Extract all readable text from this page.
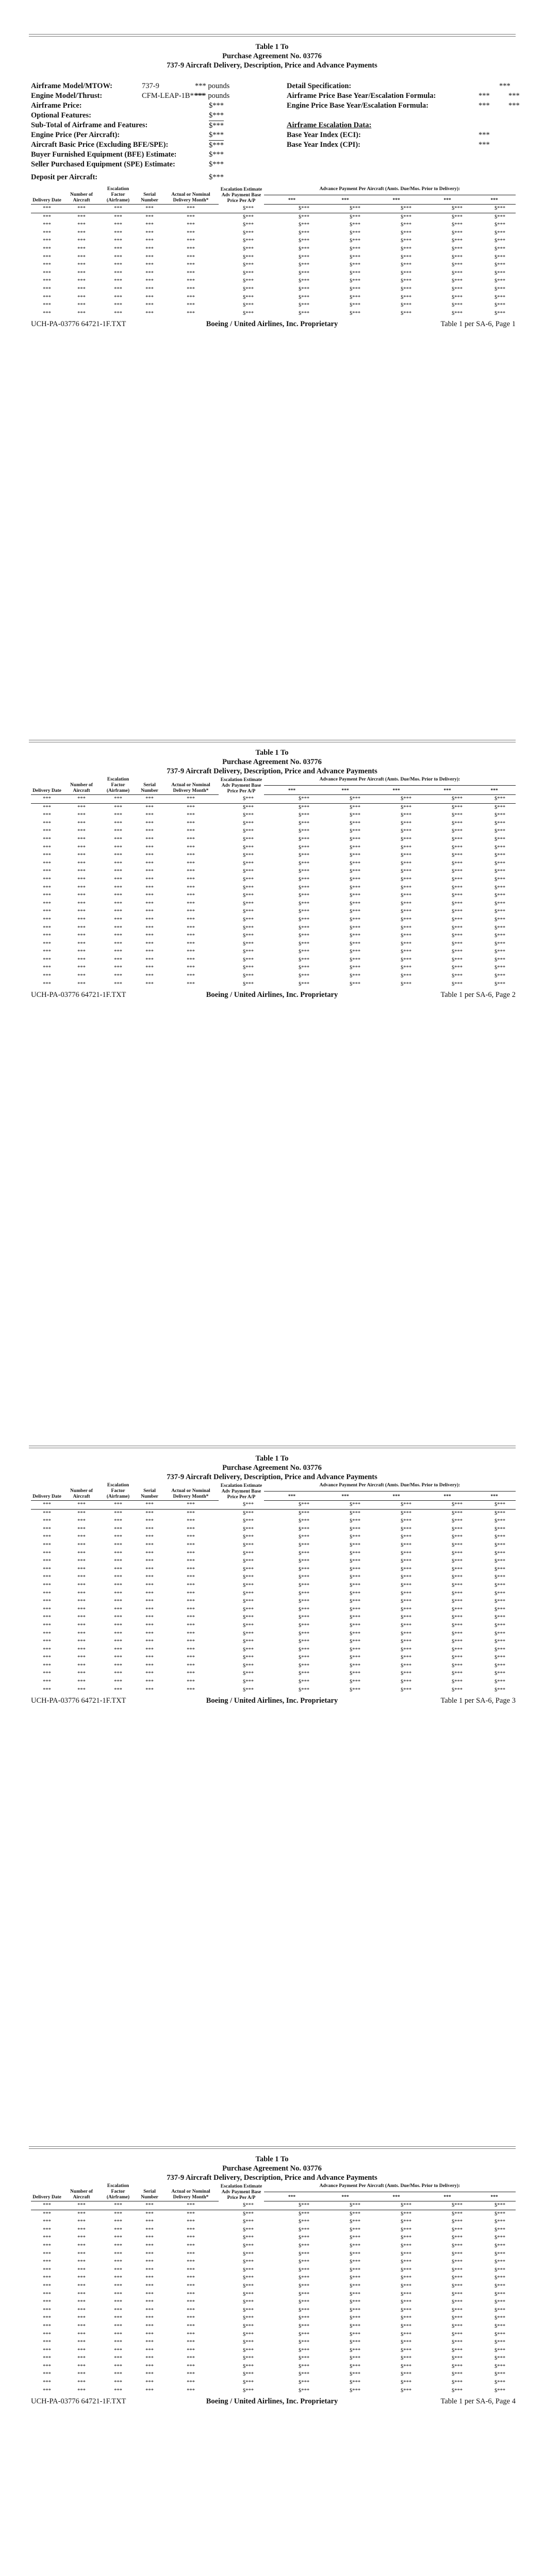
Table 1 To
Purchase Agreement No. 03776
737-9 Aircraft Delivery, Description, Price and Advance Payments
Airframe Model/MTOW:	737-9	*** pounds
Engine Model/Thrust:	CFM-LEAP-1B****
*** pounds
Airframe Price:	$***
Optional Features:	$***
Sub-Total of Airframe and Features:	$***
Engine Price (Per Aircraft):	$***
Aircraft Basic Price (Excluding BFE/SPE):	$***
Buyer Furnished Equipment (BFE) Estimate:	$***
Seller Purchased Equipment (SPE) Estimate:	$***
Deposit per Aircraft:	$***
Detail Specification:	***
Airframe Price Base Year/Escalation Formula:	***	***
Engine Price Base Year/Escalation Formula:	***	***
Airframe Escalation Data:
Base Year Index (ECI):	***
Base Year Index (CPI):	***
Delivery Date	Number of Aircraft	Escalation Factor (Airframe)	Serial Number	Actual or Nominal Delivery Month*	Escalation Estimate Adv Payment Base Price Per A/P	Advance Payment Per Aircraft (Amts. Due/Mos. Prior to Delivery):				
						***	***	***	***	***
***	***	***	***	***	$***	$***	$***	$***	$***	$***
***	***	***	***	***	$***	$***	$***	$***	$***	$***
***	***	***	***	***	$***	$***	$***	$***	$***	$***
***	***	***	***	***	$***	$***	$***	$***	$***	$***
***	***	***	***	***	$***	$***	$***	$***	$***	$***
***	***	***	***	***	$***	$***	$***	$***	$***	$***
***	***	***	***	***	$***	$***	$***	$***	$***	$***
***	***	***	***	***	$***	$***	$***	$***	$***	$***
***	***	***	***	***	$***	$***	$***	$***	$***	$***
***	***	***	***	***	$***	$***	$***	$***	$***	$***
***	***	***	***	***	$***	$***	$***	$***	$***	$***
***	***	***	***	***	$***	$***	$***	$***	$***	$***
***	***	***	***	***	$***	$***	$***	$***	$***	$***
***	***	***	***	***	$***	$***	$***	$***	$***	$***
UCH-PA-03776 64721-1F.TXT	Boeing / United Airlines, Inc. Proprietary	Table 1 per SA-6, Page 1
Table 1 To
Purchase Agreement No. 03776
737-9 Aircraft Delivery, Description, Price and Advance Payments
Delivery Date	Number of Aircraft	Escalation Factor (Airframe)	Serial Number	Actual or Nominal Delivery Month*	Escalation Estimate Adv Payment Base Price Per A/P	Advance Payment Per Aircraft (Amts. Due/Mos. Prior to Delivery):				
						***	***	***	***	***
***	***	***	***	***	$***	$***	$***	$***	$***	$***
***	***	***	***	***	$***	$***	$***	$***	$***	$***
***	***	***	***	***	$***	$***	$***	$***	$***	$***
***	***	***	***	***	$***	$***	$***	$***	$***	$***
***	***	***	***	***	$***	$***	$***	$***	$***	$***
***	***	***	***	***	$***	$***	$***	$***	$***	$***
***	***	***	***	***	$***	$***	$***	$***	$***	$***
***	***	***	***	***	$***	$***	$***	$***	$***	$***
***	***	***	***	***	$***	$***	$***	$***	$***	$***
***	***	***	***	***	$***	$***	$***	$***	$***	$***
***	***	***	***	***	$***	$***	$***	$***	$***	$***
***	***	***	***	***	$***	$***	$***	$***	$***	$***
***	***	***	***	***	$***	$***	$***	$***	$***	$***
***	***	***	***	***	$***	$***	$***	$***	$***	$***
***	***	***	***	***	$***	$***	$***	$***	$***	$***
***	***	***	***	***	$***	$***	$***	$***	$***	$***
***	***	***	***	***	$***	$***	$***	$***	$***	$***
***	***	***	***	***	$***	$***	$***	$***	$***	$***
***	***	***	***	***	$***	$***	$***	$***	$***	$***
***	***	***	***	***	$***	$***	$***	$***	$***	$***
***	***	***	***	***	$***	$***	$***	$***	$***	$***
***	***	***	***	***	$***	$***	$***	$***	$***	$***
***	***	***	***	***	$***	$***	$***	$***	$***	$***
***	***	***	***	***	$***	$***	$***	$***	$***	$***
UCH-PA-03776 64721-1F.TXT	Boeing / United Airlines, Inc. Proprietary	Table 1 per SA-6, Page 2
Table 1 To
Purchase Agreement No. 03776
737-9 Aircraft Delivery, Description, Price and Advance Payments
Delivery Date	Number of Aircraft	Escalation Factor (Airframe)	Serial Number	Actual or Nominal Delivery Month*	Escalation Estimate Adv Payment Base Price Per A/P	Advance Payment Per Aircraft (Amts. Due/Mos. Prior to Delivery):				
						***	***	***	***	***
***	***	***	***	***	$***	$***	$***	$***	$***	$***
***	***	***	***	***	$***	$***	$***	$***	$***	$***
***	***	***	***	***	$***	$***	$***	$***	$***	$***
***	***	***	***	***	$***	$***	$***	$***	$***	$***
***	***	***	***	***	$***	$***	$***	$***	$***	$***
***	***	***	***	***	$***	$***	$***	$***	$***	$***
***	***	***	***	***	$***	$***	$***	$***	$***	$***
***	***	***	***	***	$***	$***	$***	$***	$***	$***
***	***	***	***	***	$***	$***	$***	$***	$***	$***
***	***	***	***	***	$***	$***	$***	$***	$***	$***
***	***	***	***	***	$***	$***	$***	$***	$***	$***
***	***	***	***	***	$***	$***	$***	$***	$***	$***
***	***	***	***	***	$***	$***	$***	$***	$***	$***
***	***	***	***	***	$***	$***	$***	$***	$***	$***
***	***	***	***	***	$***	$***	$***	$***	$***	$***
***	***	***	***	***	$***	$***	$***	$***	$***	$***
***	***	***	***	***	$***	$***	$***	$***	$***	$***
***	***	***	***	***	$***	$***	$***	$***	$***	$***
***	***	***	***	***	$***	$***	$***	$***	$***	$***
***	***	***	***	***	$***	$***	$***	$***	$***	$***
***	***	***	***	***	$***	$***	$***	$***	$***	$***
***	***	***	***	***	$***	$***	$***	$***	$***	$***
***	***	***	***	***	$***	$***	$***	$***	$***	$***
***	***	***	***	***	$***	$***	$***	$***	$***	$***
UCH-PA-03776 64721-1F.TXT	Boeing / United Airlines, Inc. Proprietary	Table 1 per SA-6, Page 3
Table 1 To
Purchase Agreement No. 03776
737-9 Aircraft Delivery, Description, Price and Advance Payments
Delivery Date	Number of Aircraft	Escalation Factor (Airframe)	Serial Number	Actual or Nominal Delivery Month*	Escalation Estimate Adv Payment Base Price Per A/P	Advance Payment Per Aircraft (Amts. Due/Mos. Prior to Delivery):				
						***	***	***	***	***
***	***	***	***	***	$***	$***	$***	$***	$***	$***
***	***	***	***	***	$***	$***	$***	$***	$***	$***
***	***	***	***	***	$***	$***	$***	$***	$***	$***
***	***	***	***	***	$***	$***	$***	$***	$***	$***
***	***	***	***	***	$***	$***	$***	$***	$***	$***
***	***	***	***	***	$***	$***	$***	$***	$***	$***
***	***	***	***	***	$***	$***	$***	$***	$***	$***
***	***	***	***	***	$***	$***	$***	$***	$***	$***
***	***	***	***	***	$***	$***	$***	$***	$***	$***
***	***	***	***	***	$***	$***	$***	$***	$***	$***
***	***	***	***	***	$***	$***	$***	$***	$***	$***
***	***	***	***	***	$***	$***	$***	$***	$***	$***
***	***	***	***	***	$***	$***	$***	$***	$***	$***
***	***	***	***	***	$***	$***	$***	$***	$***	$***
***	***	***	***	***	$***	$***	$***	$***	$***	$***
***	***	***	***	***	$***	$***	$***	$***	$***	$***
***	***	***	***	***	$***	$***	$***	$***	$***	$***
***	***	***	***	***	$***	$***	$***	$***	$***	$***
***	***	***	***	***	$***	$***	$***	$***	$***	$***
***	***	***	***	***	$***	$***	$***	$***	$***	$***
***	***	***	***	***	$***	$***	$***	$***	$***	$***
***	***	***	***	***	$***	$***	$***	$***	$***	$***
***	***	***	***	***	$***	$***	$***	$***	$***	$***
***	***	***	***	***	$***	$***	$***	$***	$***	$***
UCH-PA-03776 64721-1F.TXT	Boeing / United Airlines, Inc. Proprietary	Table 1 per SA-6, Page 4
